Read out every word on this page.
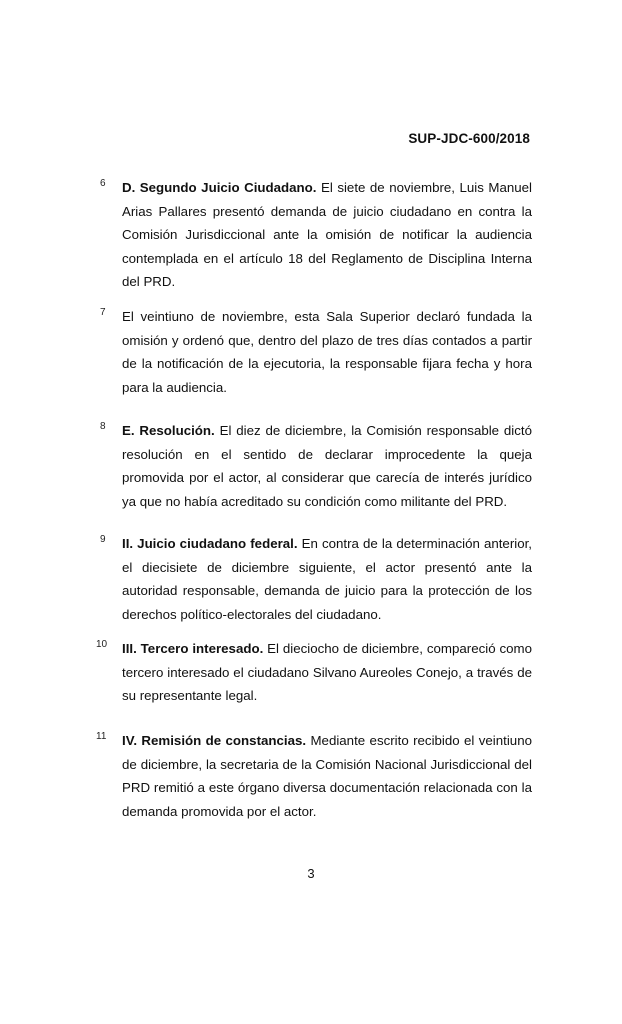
SUP-JDC-600/2018
6	D. Segundo Juicio Ciudadano. El siete de noviembre, Luis Manuel Arias Pallares presentó demanda de juicio ciudadano en contra la Comisión Jurisdiccional ante la omisión de notificar la audiencia contemplada en el artículo 18 del Reglamento de Disciplina Interna del PRD.

7	El veintiuno de noviembre, esta Sala Superior declaró fundada la omisión y ordenó que, dentro del plazo de tres días contados a partir de la notificación de la ejecutoria, la responsable fijara fecha y hora para la audiencia.

8	E. Resolución. El diez de diciembre, la Comisión responsable dictó resolución en el sentido de declarar improcedente la queja promovida por el actor, al considerar que carecía de interés jurídico ya que no había acreditado su condición como militante del PRD.

9	II. Juicio ciudadano federal. En contra de la determinación anterior, el diecisiete de diciembre siguiente, el actor presentó ante la autoridad responsable, demanda de juicio para la protección de los derechos político-electorales del ciudadano.

10	III. Tercero interesado. El dieciocho de diciembre, compareció como tercero interesado el ciudadano Silvano Aureoles Conejo, a través de su representante legal.

11	IV. Remisión de constancias. Mediante escrito recibido el veintiuno de diciembre, la secretaria de la Comisión Nacional Jurisdiccional del PRD remitió a este órgano diversa documentación relacionada con la demanda promovida por el actor.

3
